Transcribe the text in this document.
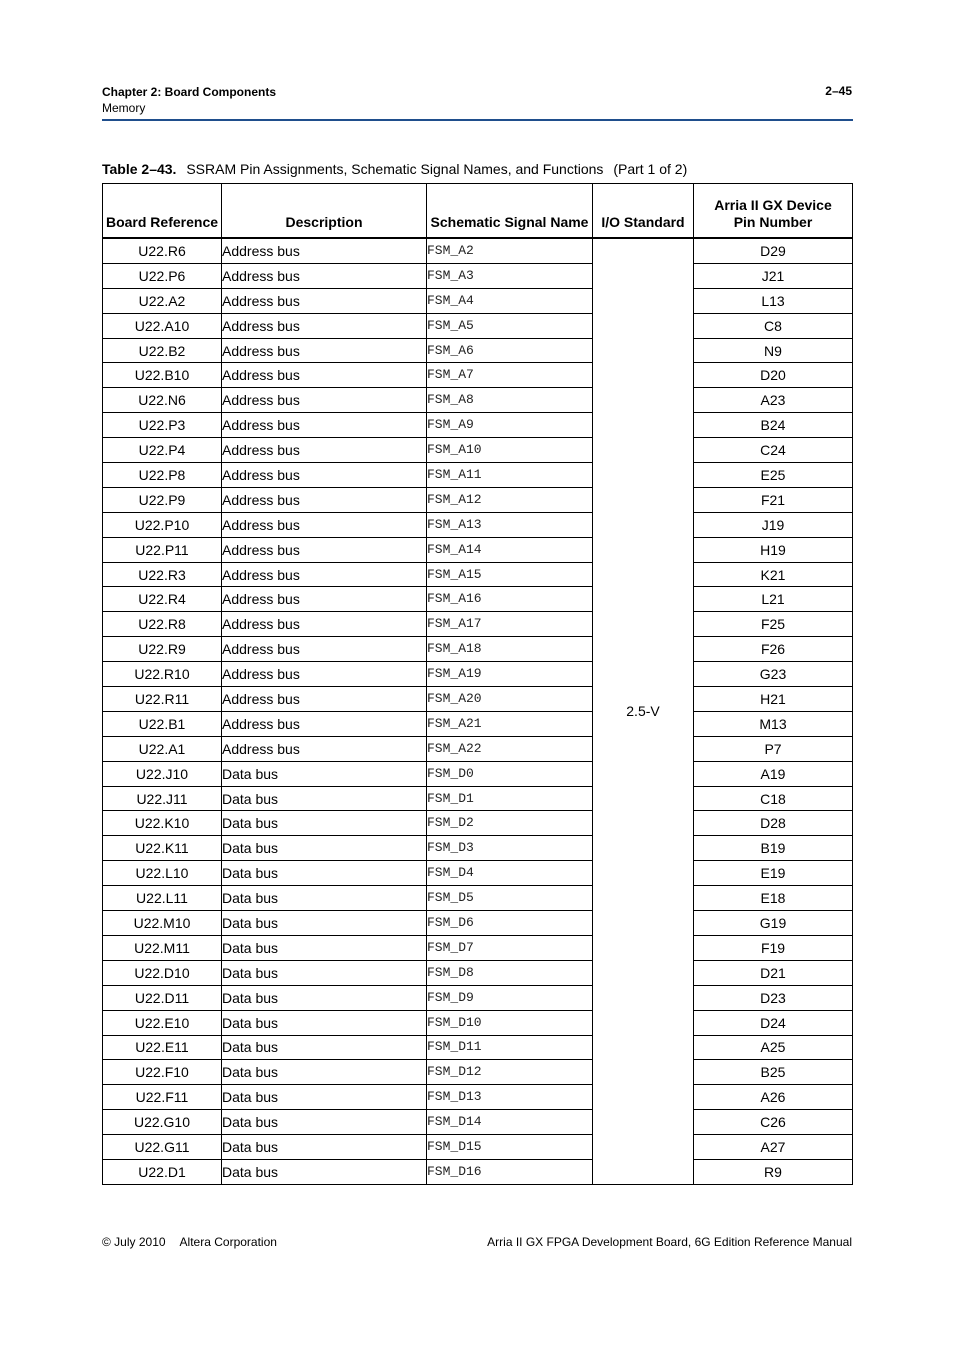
Chapter 2: Board Components
Memory
2–45
Table 2–43. SSRAM Pin Assignments, Schematic Signal Names, and Functions (Part 1 of 2)
Board Reference	Description	Schematic Signal Name	I/O Standard	Arria II GX Device Pin Number

U22.R6	Address bus	FSM_A2	2.5-V	D29
U22.P6	Address bus	FSM_A3		J21
U22.A2	Address bus	FSM_A4		L13
U22.A10	Address bus	FSM_A5		C8
U22.B2	Address bus	FSM_A6		N9
U22.B10	Address bus	FSM_A7		D20
U22.N6	Address bus	FSM_A8		A23
U22.P3	Address bus	FSM_A9		B24
U22.P4	Address bus	FSM_A10		C24
U22.P8	Address bus	FSM_A11		E25
U22.P9	Address bus	FSM_A12		F21
U22.P10	Address bus	FSM_A13		J19
U22.P11	Address bus	FSM_A14		H19
U22.R3	Address bus	FSM_A15		K21
U22.R4	Address bus	FSM_A16		L21
U22.R8	Address bus	FSM_A17		F25
U22.R9	Address bus	FSM_A18		F26
U22.R10	Address bus	FSM_A19		G23
U22.R11	Address bus	FSM_A20		H21
U22.B1	Address bus	FSM_A21		M13
U22.A1	Address bus	FSM_A22		P7
U22.J10	Data bus	FSM_D0		A19
U22.J11	Data bus	FSM_D1		C18
U22.K10	Data bus	FSM_D2		D28
U22.K11	Data bus	FSM_D3		B19
U22.L10	Data bus	FSM_D4		E19
U22.L11	Data bus	FSM_D5		E18
U22.M10	Data bus	FSM_D6		G19
U22.M11	Data bus	FSM_D7		F19
U22.D10	Data bus	FSM_D8		D21
U22.D11	Data bus	FSM_D9		D23
U22.E10	Data bus	FSM_D10		D24
U22.E11	Data bus	FSM_D11		A25
U22.F10	Data bus	FSM_D12		B25
U22.F11	Data bus	FSM_D13		A26
U22.G10	Data bus	FSM_D14		C26
U22.G11	Data bus	FSM_D15		A27
U22.D1	Data bus	FSM_D16		R9
© July 2010 Altera Corporation	Arria II GX FPGA Development Board, 6G Edition Reference Manual
